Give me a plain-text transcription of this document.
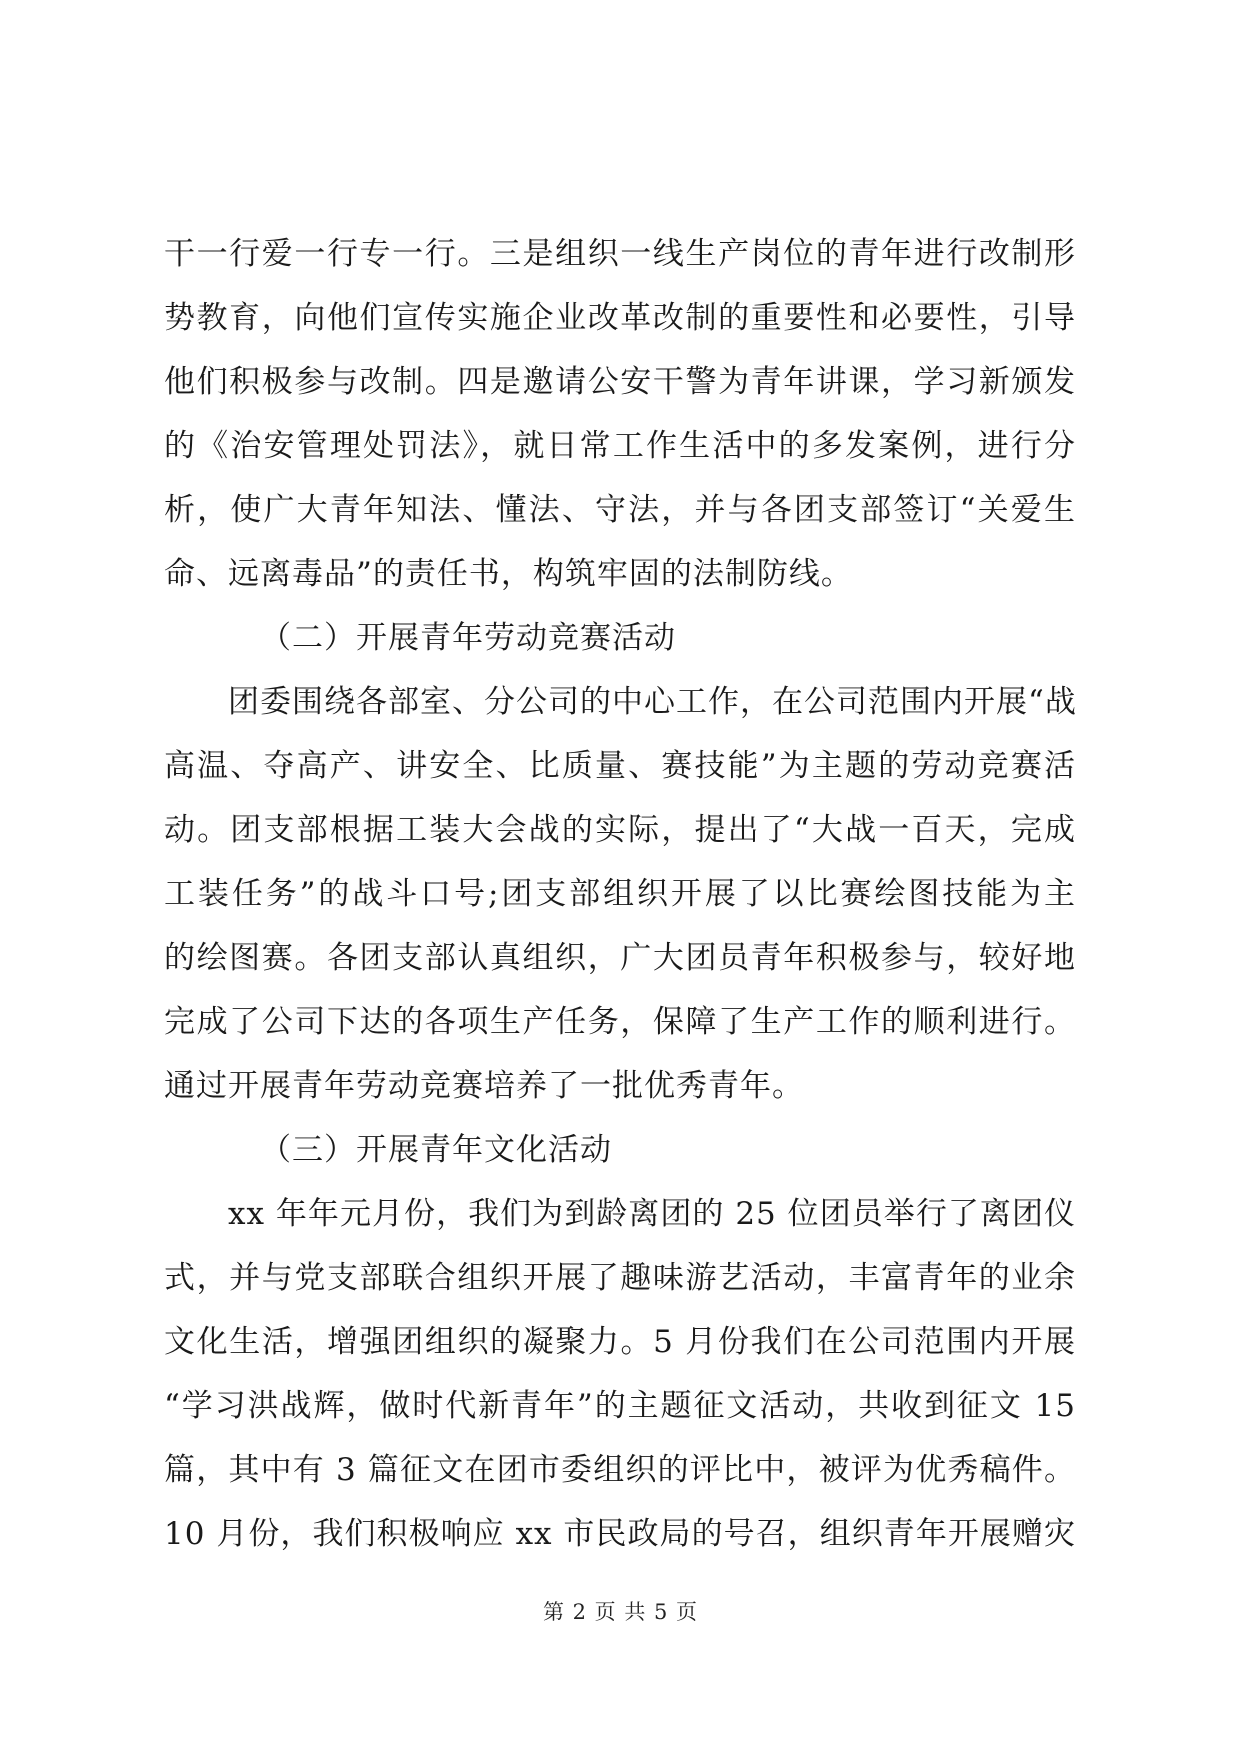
干一行爱一行专一行。三是组织一线生产岗位的青年进行改制形
势教育，向他们宣传实施企业改革改制的重要性和必要性，引导
他们积极参与改制。四是邀请公安干警为青年讲课，学习新颁发
的《治安管理处罚法》，就日常工作生活中的多发案例，进行分
析，使广大青年知法、懂法、守法，并与各团支部签订“关爱生
命、远离毒品”的责任书，构筑牢固的法制防线。
（二）开展青年劳动竞赛活动
团委围绕各部室、分公司的中心工作，在公司范围内开展“战
高温、夺高产、讲安全、比质量、赛技能”为主题的劳动竞赛活
动。团支部根据工装大会战的实际，提出了“大战一百天，完成
工装任务”的战斗口号;团支部组织开展了以比赛绘图技能为主
的绘图赛。各团支部认真组织，广大团员青年积极参与，较好地
完成了公司下达的各项生产任务，保障了生产工作的顺利进行。
通过开展青年劳动竞赛培养了一批优秀青年。
（三）开展青年文化活动
xx 年年元月份，我们为到龄离团的 25 位团员举行了离团仪
式，并与党支部联合组织开展了趣味游艺活动，丰富青年的业余
文化生活，增强团组织的凝聚力。5 月份我们在公司范围内开展
“学习洪战辉，做时代新青年”的主题征文活动，共收到征文 15
篇，其中有 3 篇征文在团市委组织的评比中，被评为优秀稿件。
10 月份，我们积极响应 xx 市民政局的号召，组织青年开展赠灾
第 2 页 共 5 页
